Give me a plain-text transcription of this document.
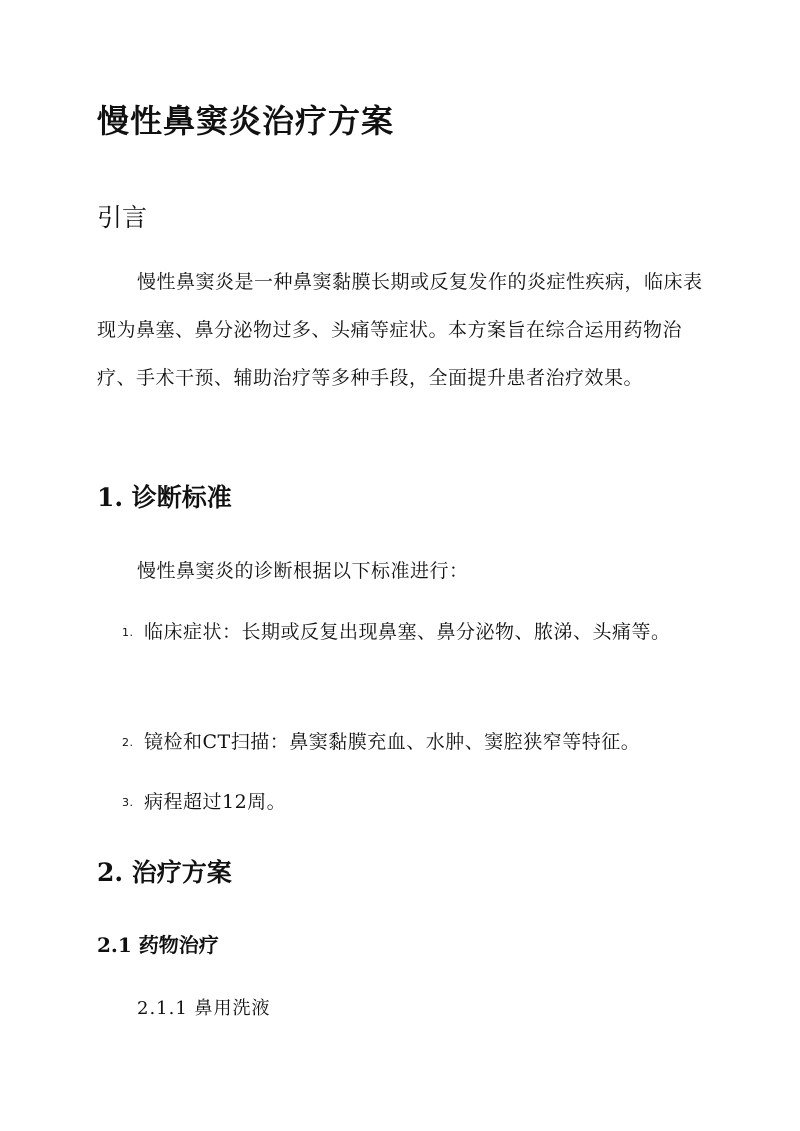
慢性鼻窦炎治疗方案
引言

慢性鼻窦炎是一种鼻窦黏膜长期或反复发作的炎症性疾病，临床表现为鼻塞、鼻分泌物过多、头痛等症状。本方案旨在综合运用药物治疗、手术干预、辅助治疗等多种手段，全面提升患者治疗效果。

1. 诊断标准

慢性鼻窦炎的诊断根据以下标准进行：

1. 临床症状：长期或反复出现鼻塞、鼻分泌物、脓涕、头痛等。
2. 镜检和CT扫描：鼻窦黏膜充血、水肿、窦腔狭窄等特征。
3. 病程超过12周。
2. 治疗方案
2.1 药物治疗
2.1.1 鼻用洗液
